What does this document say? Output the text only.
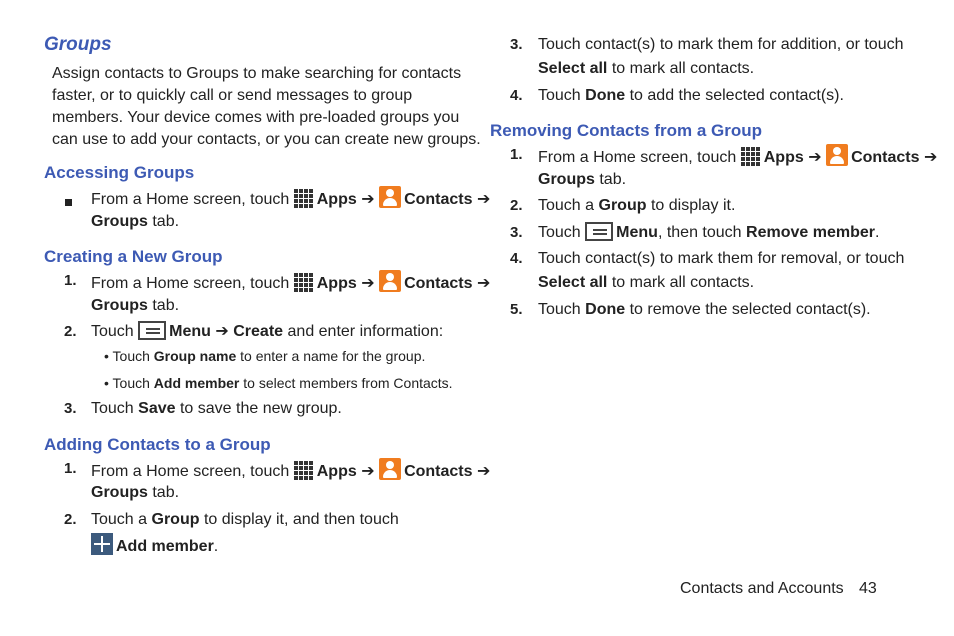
Groups
Assign contacts to Groups to make searching for contacts
faster, or to quickly call or send messages to group
members. Your device comes with pre-loaded groups you
can use to add your contacts, or you can create new groups.
Accessing Groups
From a Home screen, touch Apps ➔ Contacts ➔
Groups tab.
Creating a New Group
1. From a Home screen, touch Apps ➔ Contacts ➔
Groups tab.
2. Touch Menu ➔ Create and enter information:
• Touch Group name to enter a name for the group.
• Touch Add member to select members from Contacts.
3. Touch Save to save the new group.
Adding Contacts to a Group
1. From a Home screen, touch Apps ➔ Contacts ➔
Groups tab.
2. Touch a Group to display it, and then touch
Add member.
3. Touch contact(s) to mark them for addition, or touch
Select all to mark all contacts.
4. Touch Done to add the selected contact(s).
Removing Contacts from a Group
1. From a Home screen, touch Apps ➔ Contacts ➔
Groups tab.
2. Touch a Group to display it.
3. Touch Menu, then touch Remove member.
4. Touch contact(s) to mark them for removal, or touch
Select all to mark all contacts.
5. Touch Done to remove the selected contact(s).
Contacts and Accounts 43
